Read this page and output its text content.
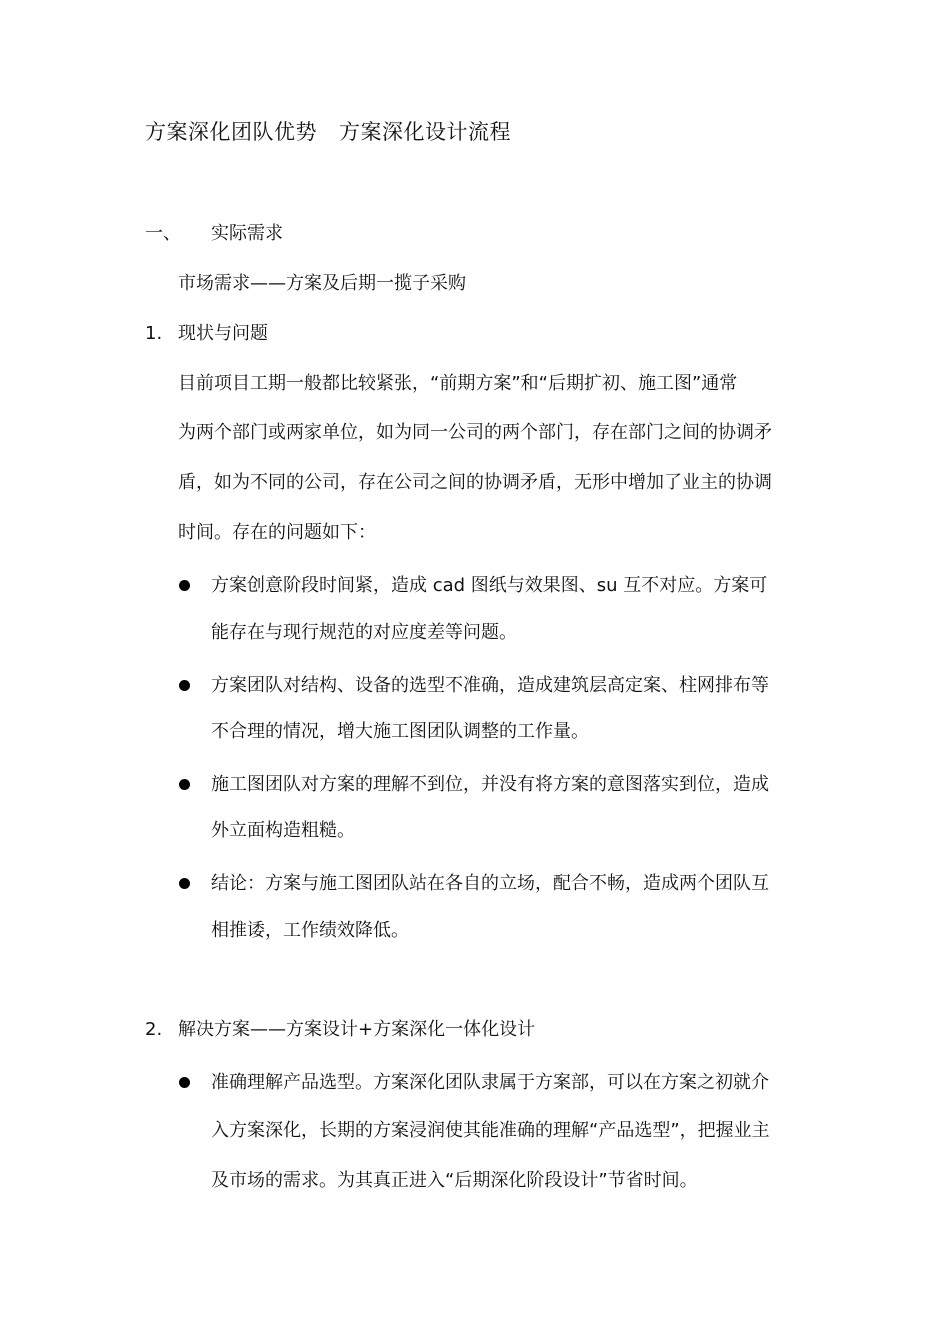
方案深化团队优势 方案深化设计流程
一、 实际需求
市场需求——方案及后期一揽子采购
1. 现状与问题
目前项目工期一般都比较紧张，“前期方案”和“后期扩初、施工图”通常
为两个部门或两家单位，如为同一公司的两个部门，存在部门之间的协调矛
盾，如为不同的公司，存在公司之间的协调矛盾，无形中增加了业主的协调
时间。存在的问题如下：
方案创意阶段时间紧，造成 cad 图纸与效果图、su 互不对应。方案可
能存在与现行规范的对应度差等问题。
方案团队对结构、设备的选型不准确，造成建筑层高定案、柱网排布等
不合理的情况，增大施工图团队调整的工作量。
施工图团队对方案的理解不到位，并没有将方案的意图落实到位，造成
外立面构造粗糙。
结论：方案与施工图团队站在各自的立场，配合不畅，造成两个团队互
相推诿，工作绩效降低。
2. 解决方案——方案设计+方案深化一体化设计
准确理解产品选型。方案深化团队隶属于方案部，可以在方案之初就介
入方案深化，长期的方案浸润使其能准确的理解“产品选型”，把握业主
及市场的需求。为其真正进入“后期深化阶段设计”节省时间。
